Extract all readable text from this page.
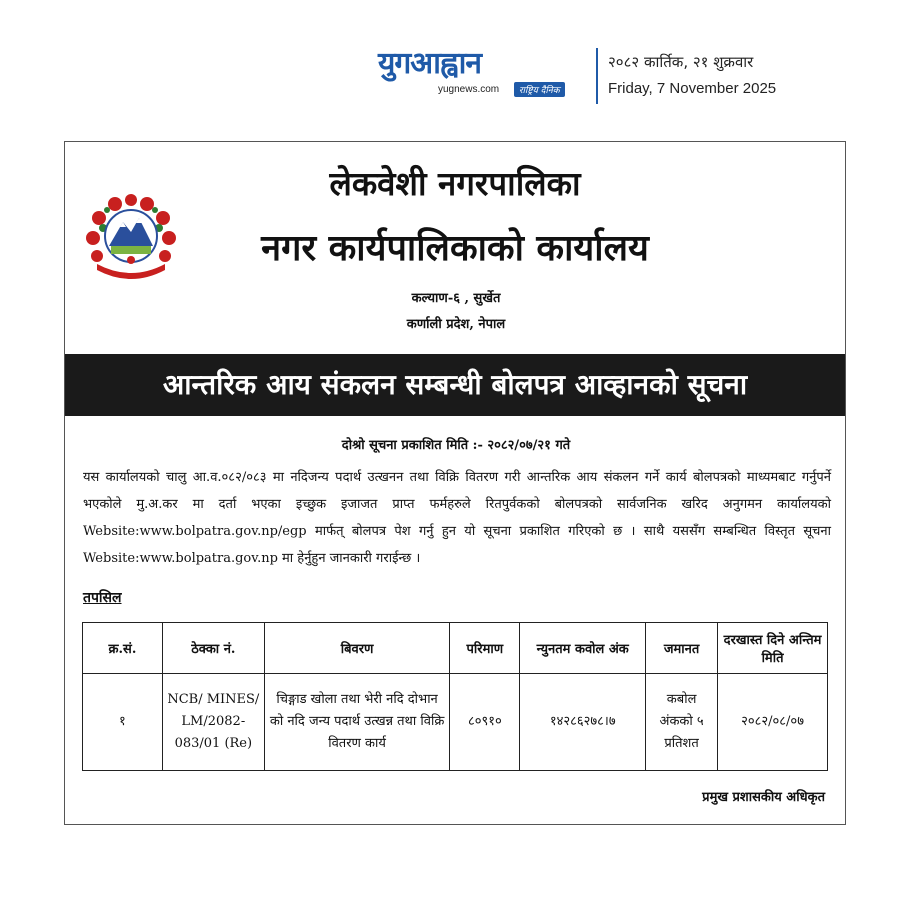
युगआह्वान
yugnews.com	राष्ट्रिय दैनिक
२०८२ कार्तिक, २१ शुक्रवार
Friday, 7 November 2025
लेकवेशी नगरपालिका
नगर कार्यपालिकाको कार्यालय
कल्याण-६ , सुर्खेत
कर्णाली प्रदेश, नेपाल
आन्तरिक आय संकलन सम्बन्धी बोलपत्र आव्हानको सूचना
दोश्रो सूचना प्रकाशित मिति :- २०८२/०७/२१ गते
यस कार्यालयको चालु आ.व.०८२/०८३ मा नदिजन्य पदार्थ उत्खनन तथा विक्रि वितरण गरी आन्तरिक आय संकलन गर्ने कार्य बोलपत्रको माध्यमबाट गर्नुपर्ने भएकोले मु.अ.कर मा दर्ता भएका इच्छुक इजाजत प्राप्त फर्महरुले रितपुर्वकको बोलपत्रको सार्वजनिक खरिद अनुगमन कार्यालयको Website:www.bolpatra.gov.np/egp मार्फत् बोलपत्र पेश गर्नु हुन यो सूचना प्रकाशित गरिएको छ । साथै यससँग सम्बन्धित विस्तृत सूचना Website:www.bolpatra.gov.np मा हेर्नुहुन जानकारी गराईन्छ ।
तपसिल
क्र.सं.	ठेक्का नं.	बिवरण	परिमाण	न्युनतम कवोल अंक	जमानत	दरखास्त दिने अन्तिम मिति
१	NCB/ MINES/ LM/2082-083/01 (Re)	चिङ्गाड खोला तथा भेरी नदि दोभान को नदि जन्य पदार्थ उत्खन्न तथा विक्रि वितरण कार्य	८०९१०	१४२८६२७८।७	कबोल अंकको ५ प्रतिशत	२०८२/०८/०७
प्रमुख प्रशासकीय अधिकृत
